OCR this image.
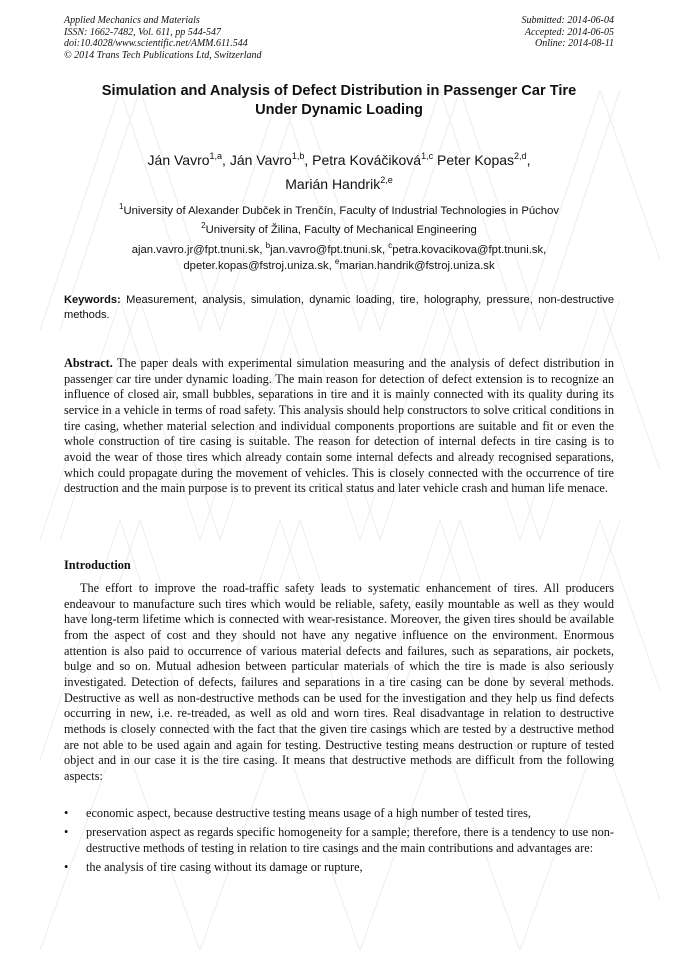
Applied Mechanics and Materials
ISSN: 1662-7482, Vol. 611, pp 544-547
doi:10.4028/www.scientific.net/AMM.611.544
© 2014 Trans Tech Publications Ltd, Switzerland
Submitted: 2014-06-04
Accepted: 2014-06-05
Online: 2014-08-11
Simulation and Analysis of Defect Distribution in Passenger Car Tire
Under Dynamic Loading
Ján Vavro$^{1,a}$, Ján Vavro$^{1,b}$, Petra Kováčiková$^{1,c}$ Peter Kopas$^{2,d}$,
Marián Handrik$^{2,e}$
$^1$University of Alexander Dubček in Trenčín, Faculty of Industrial Technologies in Púchov
$^2$University of Žilina, Faculty of Mechanical Engineering
ajan.vavro.jr@fpt.tnuni.sk, $^b$jan.vavro@fpt.tnuni.sk, $^c$petra.kovacikova@fpt.tnuni.sk,
dpeter.kopas@fstroj.uniza.sk, $^e$marian.handrik@fstroj.uniza.sk
Keywords: Measurement, analysis, simulation, dynamic loading, tire, holography, pressure, non-destructive methods.
Abstract. The paper deals with experimental simulation measuring and the analysis of defect distribution in passenger car tire under dynamic loading. The main reason for detection of defect extension is to recognize an influence of closed air, small bubbles, separations in tire and it is mainly connected with its quality during its service in a vehicle in terms of road safety. This analysis should help constructors to solve critical conditions in tire casing, whether material selection and individual components proportions are suitable and fit or even the whole construction of tire casing is suitable. The reason for detection of internal defects in tire casing is to avoid the wear of those tires which already contain some internal defects and already recognised separations, which could propagate during the movement of vehicles. This is closely connected with the occurrence of tire destruction and the main purpose is to prevent its critical status and later vehicle crash and human life menace.
Introduction
The effort to improve the road-traffic safety leads to systematic enhancement of tires. All producers endeavour to manufacture such tires which would be reliable, safety, easily mountable as well as they would have long-term lifetime which is connected with wear-resistance. Moreover, the given tires should be available from the aspect of cost and they should not have any negative influence on the environment. Enormous attention is also paid to occurrence of various material defects and failures, such as separations, air pockets, bulge and so on. Mutual adhesion between particular materials of which the tire is made is also seriously investigated. Detection of defects, failures and separations in a tire casing can be done by several methods. Destructive as well as non-destructive methods can be used for the investigation and they help us find defects occurring in new, i.e. re-treaded, as well as old and worn tires. Real disadvantage in relation to destructive methods is closely connected with the fact that the given tire casings which are tested by a destructive method are not able to be used again and again for testing. Destructive testing means destruction or rupture of tested object and in our case it is the tire casing. It means that destructive methods are difficult from the following aspects:
• economic aspect, because destructive testing means usage of a high number of tested tires,
• preservation aspect as regards specific homogeneity for a sample; therefore, there is a tendency to use non-destructive methods of testing in relation to tire casings and the main contributions and advantages are:
• the analysis of tire casing without its damage or rupture,
